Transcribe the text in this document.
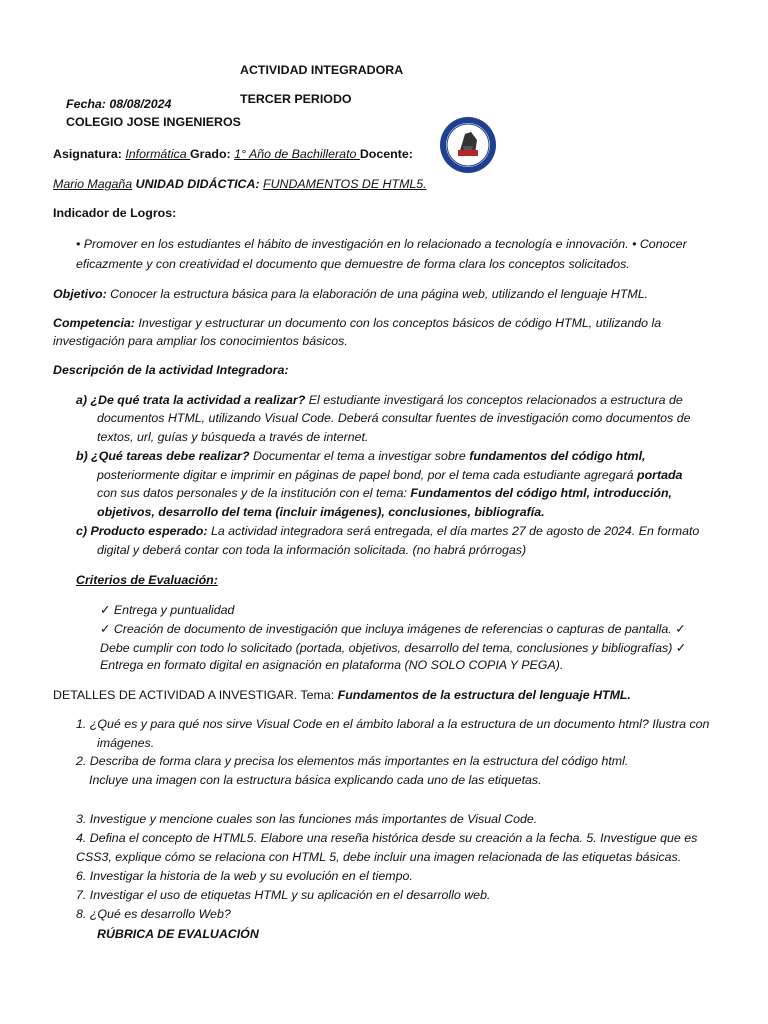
ACTIVIDAD INTEGRADORA
TERCER PERIODO
Fecha: 08/08/2024
COLEGIO JOSE INGENIEROS
Asignatura: Informática Grado: 1° Año de Bachillerato Docente:
Mario Magaña UNIDAD DIDÁCTICA: FUNDAMENTOS DE HTML5.
Indicador de Logros:
• Promover en los estudiantes el hábito de investigación en lo relacionado a tecnología e innovación. • Conocer
eficazmente y con creatividad el documento que demuestre de forma clara los conceptos solicitados.
Objetivo: Conocer la estructura básica para la elaboración de una página web, utilizando el lenguaje HTML.
Competencia: Investigar y estructurar un documento con los conceptos básicos de código HTML, utilizando la
investigación para ampliar los conocimientos básicos.
Descripción de la actividad Integradora:
a) ¿De qué trata la actividad a realizar? El estudiante investigará los conceptos relacionados a estructura de
documentos HTML, utilizando Visual Code. Deberá consultar fuentes de investigación como documentos de
textos, url, guías y búsqueda a través de internet.
b) ¿Qué tareas debe realizar? Documentar el tema a investigar sobre fundamentos del código html,
posteriormente digitar e imprimir en páginas de papel bond, por el tema cada estudiante agregará portada
con sus datos personales y de la institución con el tema: Fundamentos del código html, introducción,
objetivos, desarrollo del tema (incluir imágenes), conclusiones, bibliografía.
c) Producto esperado: La actividad integradora será entregada, el día martes 27 de agosto de 2024. En formato
digital y deberá contar con toda la información solicitada. (no habrá prórrogas)
Criterios de Evaluación:
✓ Entrega y puntualidad
✓ Creación de documento de investigación que incluya imágenes de referencias o capturas de pantalla. ✓
Debe cumplir con todo lo solicitado (portada, objetivos, desarrollo del tema, conclusiones y bibliografías) ✓
Entrega en formato digital en asignación en plataforma (NO SOLO COPIA Y PEGA).
DETALLES DE ACTIVIDAD A INVESTIGAR. Tema: Fundamentos de la estructura del lenguaje HTML.
1. ¿Qué es y para qué nos sirve Visual Code en el ámbito laboral a la estructura de un documento html? Ilustra con
imágenes.
2. Describa de forma clara y precisa los elementos más importantes en la estructura del código html.
Incluye una imagen con la estructura básica explicando cada uno de las etiquetas.
3. Investigue y mencione cuales son las funciones más importantes de Visual Code.
4. Defina el concepto de HTML5. Elabore una reseña histórica desde su creación a la fecha. 5. Investigue que es
CSS3, explique cómo se relaciona con HTML 5, debe incluir una imagen relacionada de las etiquetas básicas.
6. Investigar la historia de la web y su evolución en el tiempo.
7. Investigar el uso de etiquetas HTML y su aplicación en el desarrollo web.
8. ¿Qué es desarrollo Web?
RÚBRICA DE EVALUACIÓN
